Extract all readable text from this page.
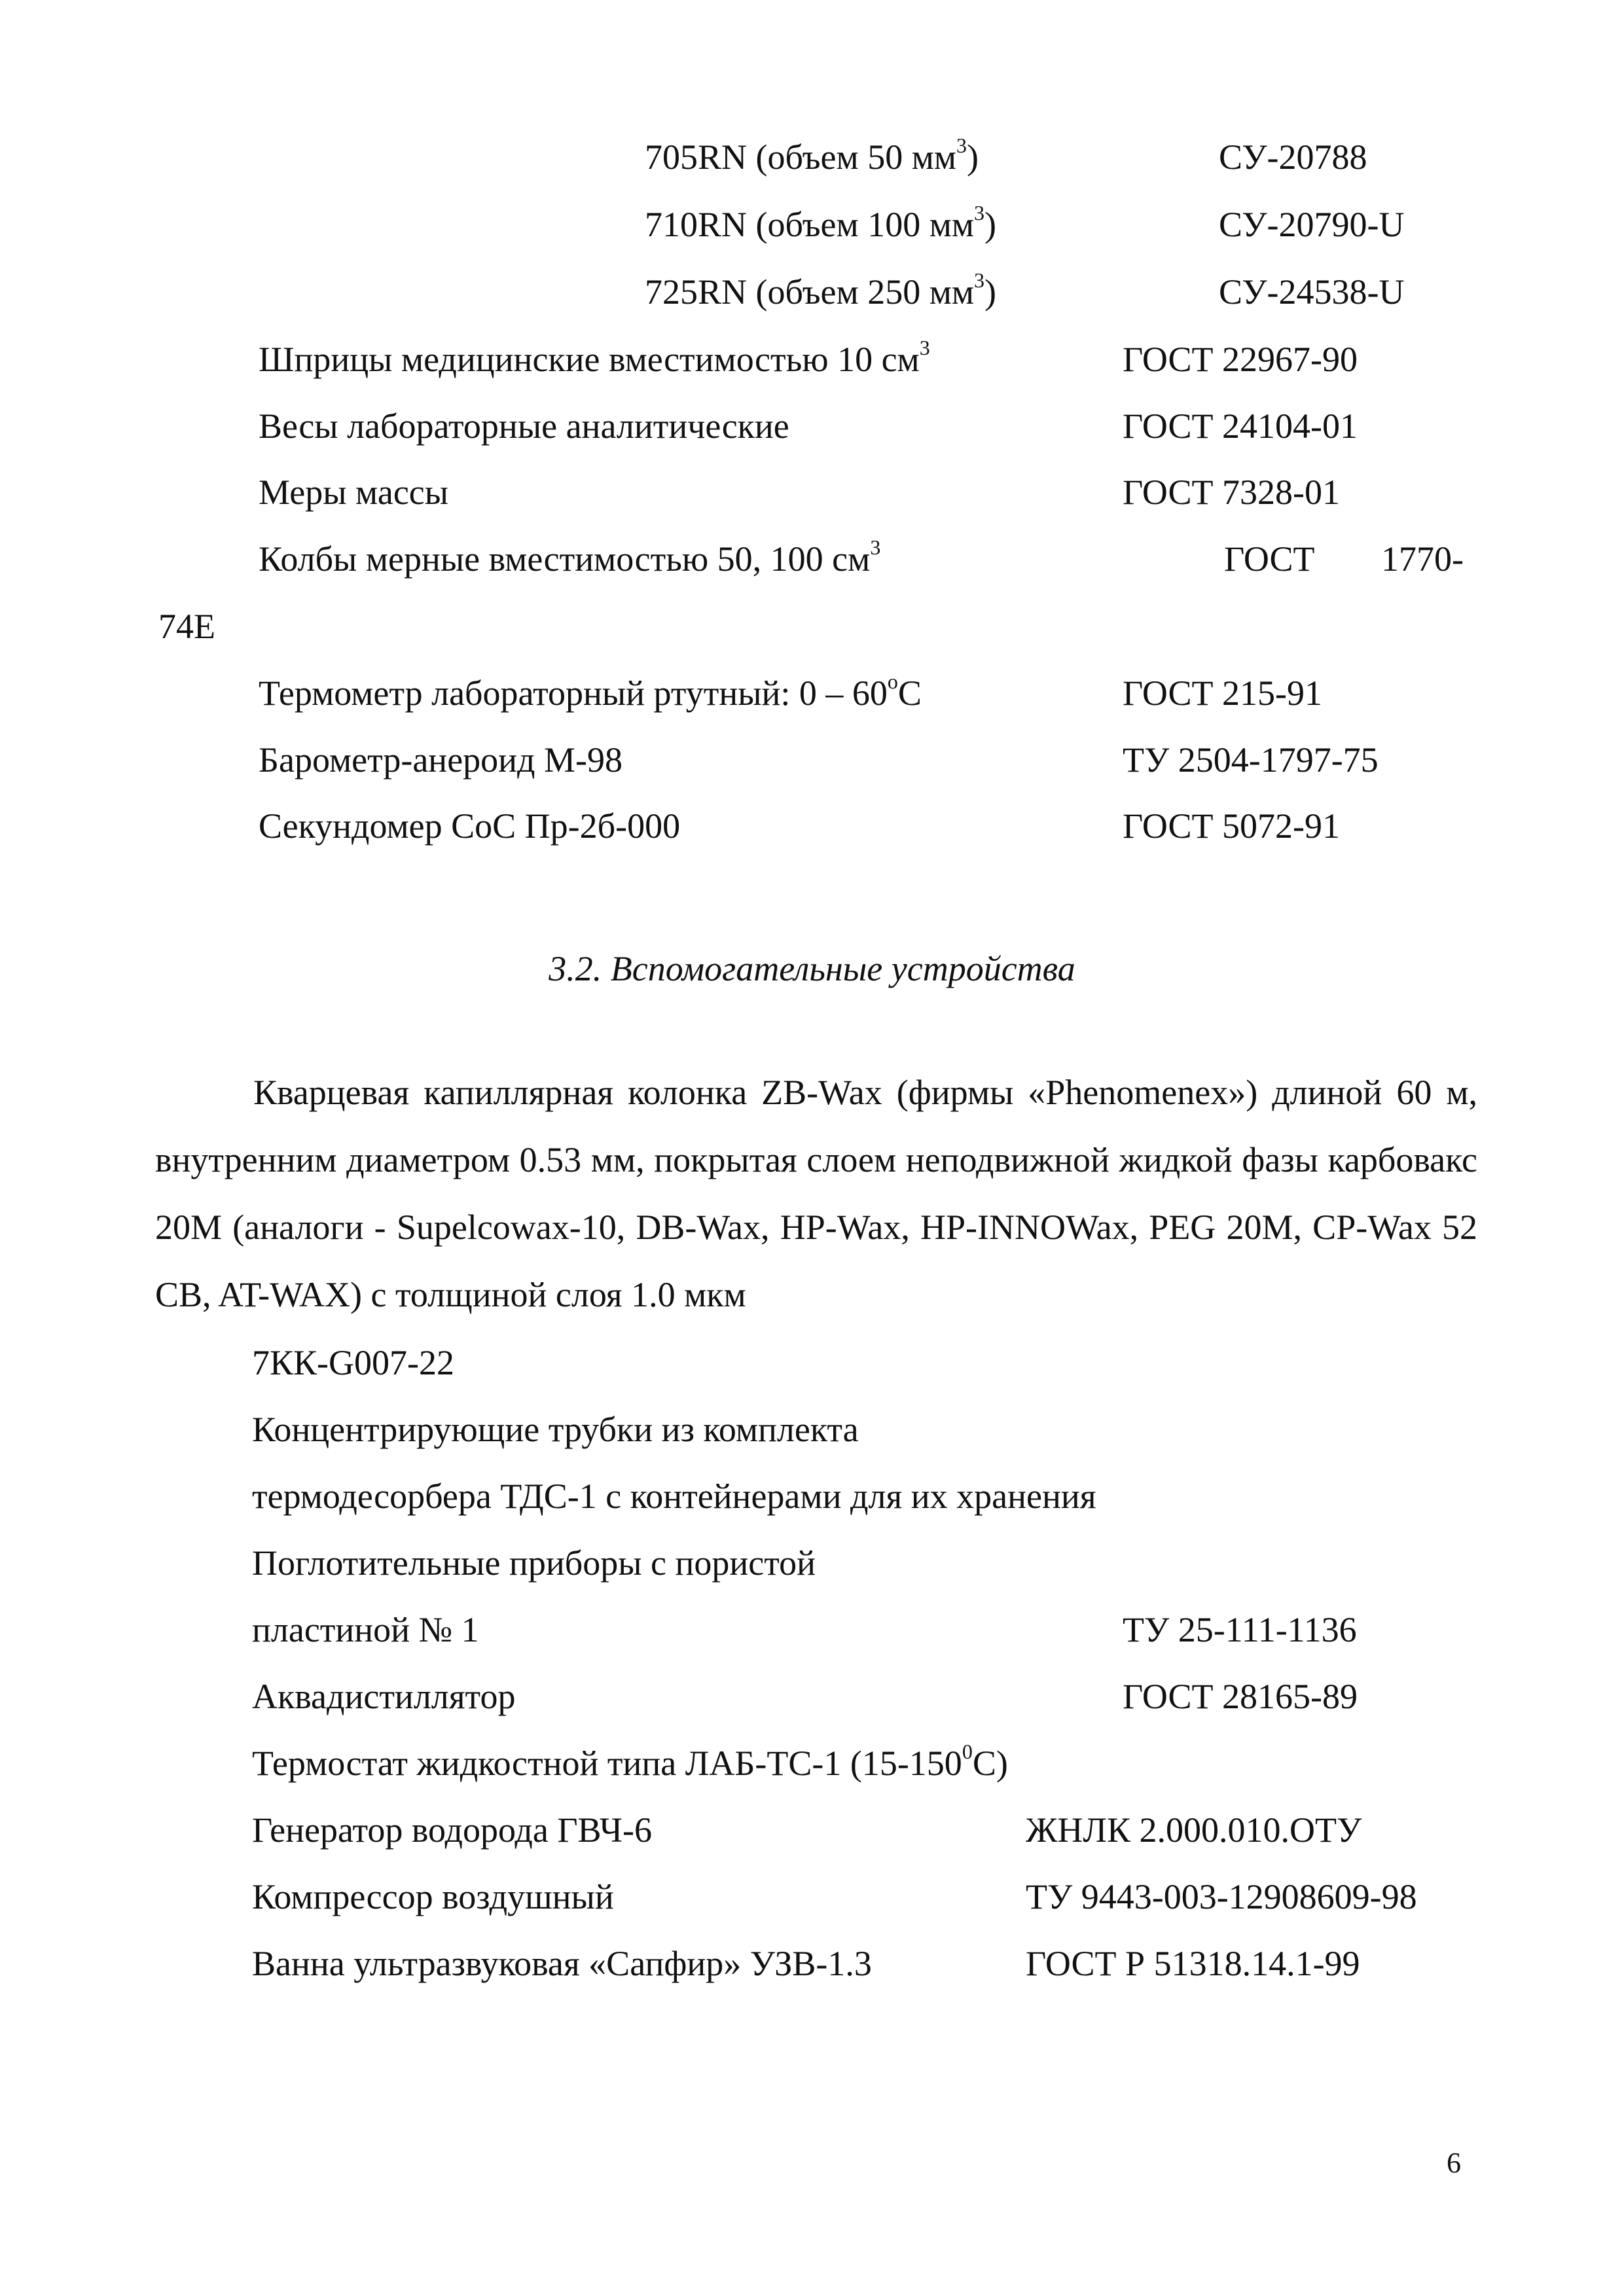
705RN (объем 50 $мм^3$)	СУ-20788
710RN (объем 100 $мм^3$)	СУ-20790-U
725RN (объем 250 $мм^3$)	СУ-24538-U
Шприцы медицинские вместимостью 10 $см^3$	ГОСТ 22967-90
Весы лабораторные аналитические	ГОСТ 24104-01
Меры массы	ГОСТ 7328-01
Колбы мерные вместимостью 50, 100 $см^3$	ГОСТ 1770-
74Е
Термометр лабораторный ртутный: $0 - 60^оС$	ГОСТ 215-91
Барометр-анероид М-98	ТУ 2504-1797-75
Секундомер СоС Пр-2б-000	ГОСТ 5072-91
3.2. Вспомогательные устройства
Кварцевая капиллярная колонка ZB-Wax (фирмы «Phenomenex») длиной 60 м, внутренним диаметром 0.53 мм, покрытая слоем неподвижной жидкой фазы карбовакс 20М (аналоги - Supelcowax-10, DB-Wax, HP-Wax, HP-INNOWax, PEG 20M, CP-Wax 52 CB, AT-WAX) с толщиной слоя 1.0 мкм
7КК-G007-22
Концентрирующие трубки из комплекта
термодесорбера ТДС-1 с контейнерами для их хранения
Поглотительные приборы с пористой
пластиной № 1	ТУ 25-111-1136
Аквадистиллятор	ГОСТ 28165-89
Термостат жидкостной типа ЛАБ-ТС-1 $(15-150^0С)$
Генератор водорода ГВЧ-6	ЖНЛК 2.000.010.ОТУ
Компрессор воздушный	ТУ 9443-003-12908609-98
Ванна ультразвуковая «Сапфир» УЗВ-1.3	ГОСТ Р 51318.14.1-99
6
